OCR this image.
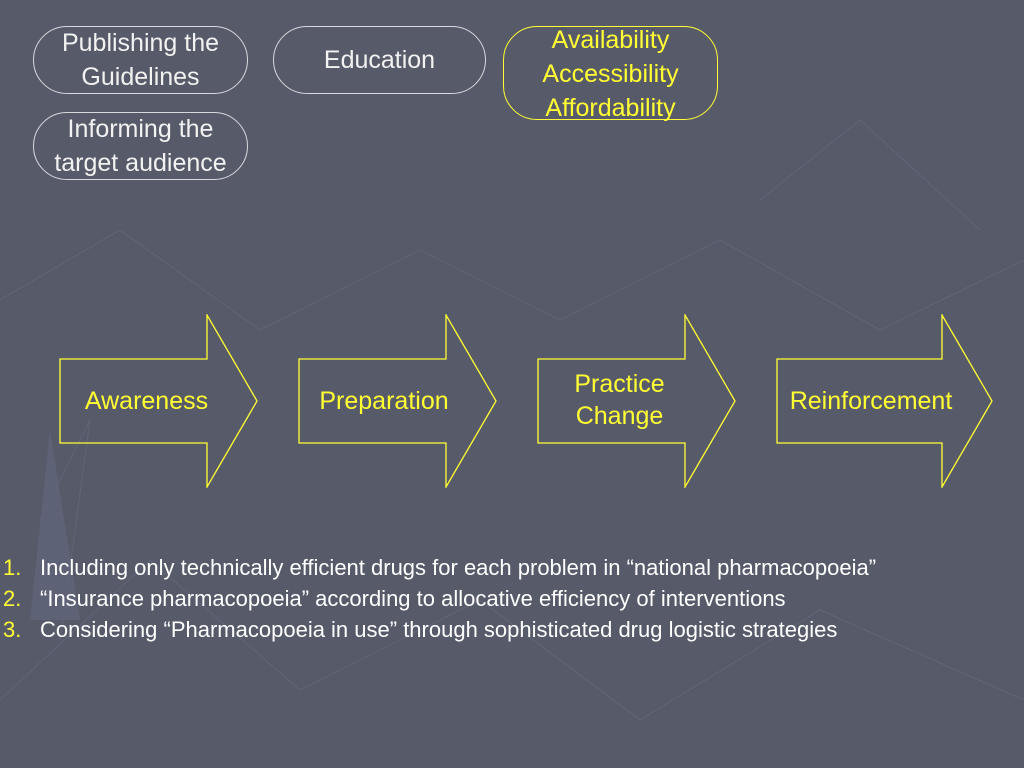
Publishing the
Guidelines
Education
Availability
Accessibility
Affordability
Informing the
target audience
Awareness	Preparation
Practice
Change
Reinforcement
1. Including only technically efficient drugs for each problem in “national pharmacopoeia”
2. “Insurance pharmacopoeia” according to allocative efficiency of interventions
3. Considering “Pharmacopoeia in use” through sophisticated drug logistic strategies
